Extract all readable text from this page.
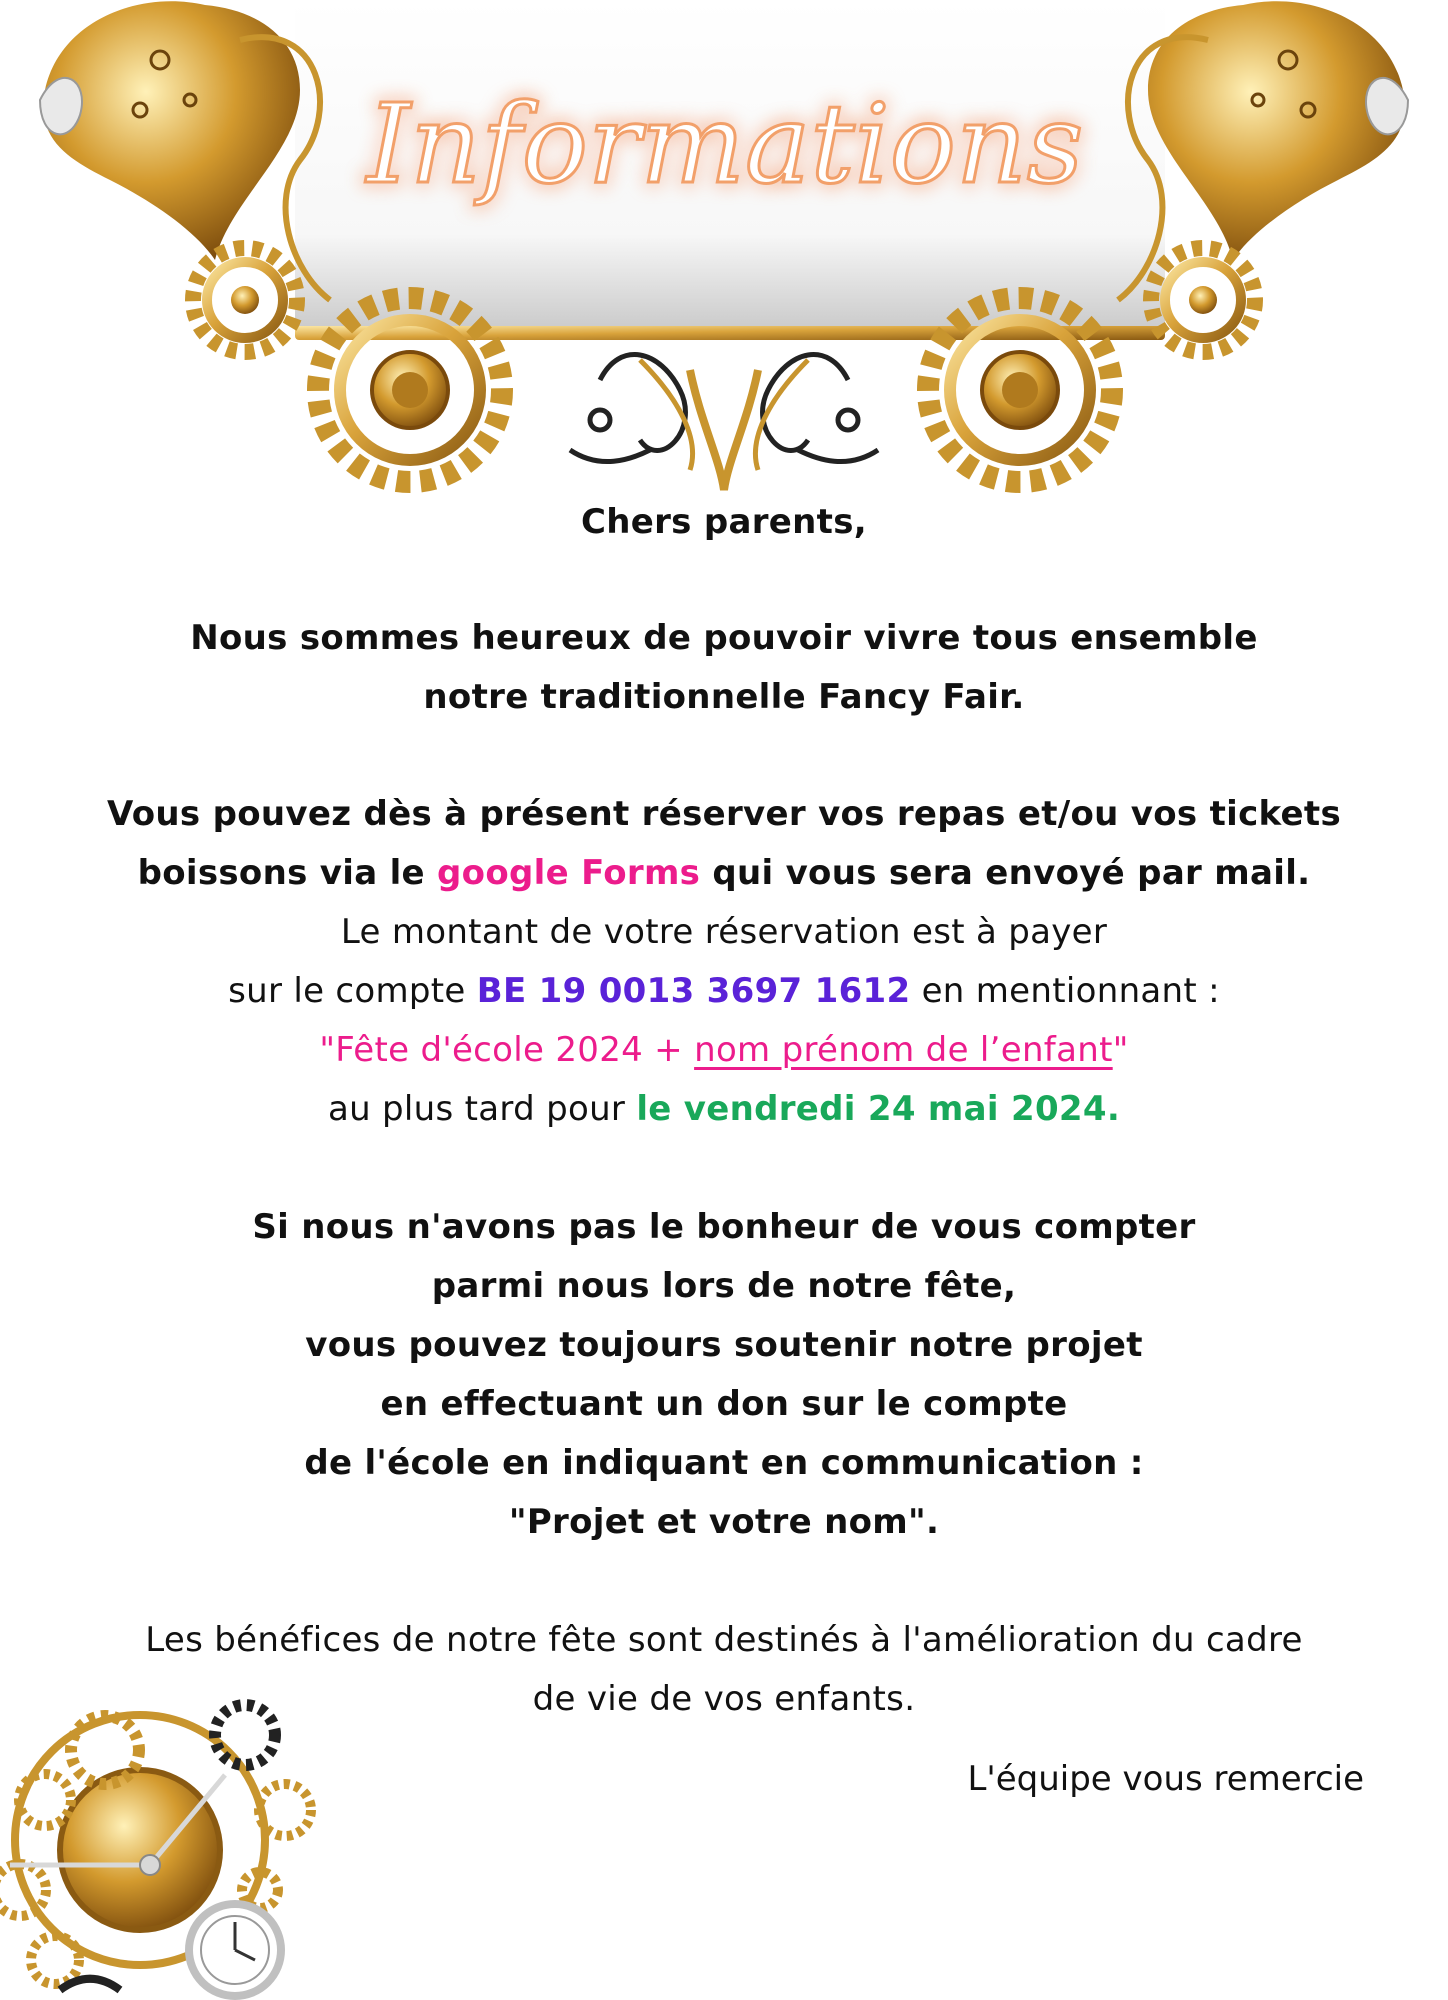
Informations
Chers parents,
Nous sommes heureux de pouvoir vivre tous ensemble
notre traditionnelle Fancy Fair.
Vous pouvez dès à présent réserver vos repas et/ou vos tickets
boissons via le google Forms qui vous sera envoyé par mail.
Le montant de votre réservation est à payer
sur le compte BE 19 0013 3697 1612 en mentionnant :
"Fête d'école 2024 + nom prénom de l’enfant"
au plus tard pour le vendredi 24 mai 2024.
Si nous n'avons pas le bonheur de vous compter
parmi nous lors de notre fête,
vous pouvez toujours soutenir notre projet
en effectuant un don sur le compte
de l'école en indiquant en communication :
"Projet et votre nom".
Les bénéfices de notre fête sont destinés à l'amélioration du cadre
de vie de vos enfants.
L'équipe vous remercie
